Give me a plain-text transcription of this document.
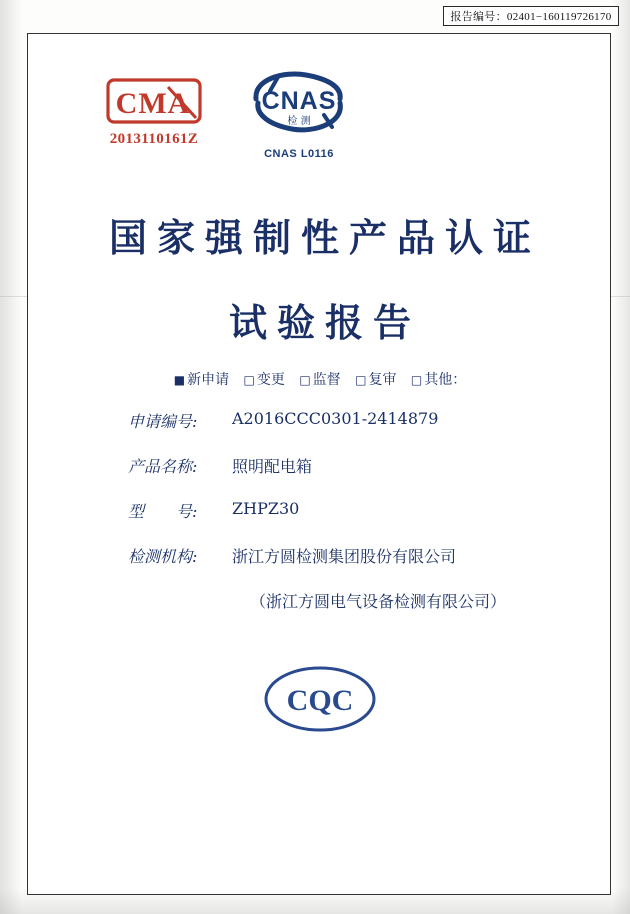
报告编号：02401−160119726170
CMA
2013110161Z
CNAS
检 测
CNAS L0116
国家强制性产品认证
试验报告
■ 新申请 □ 变更 □ 监督 □ 复审 □ 其他：
申请编号:	A2016CCC0301-2414879
产品名称:	照明配电箱
型　　号:	ZHPZ30
检测机构:	浙江方圆检测集团股份有限公司
（浙江方圆电气设备检测有限公司）
CQC
